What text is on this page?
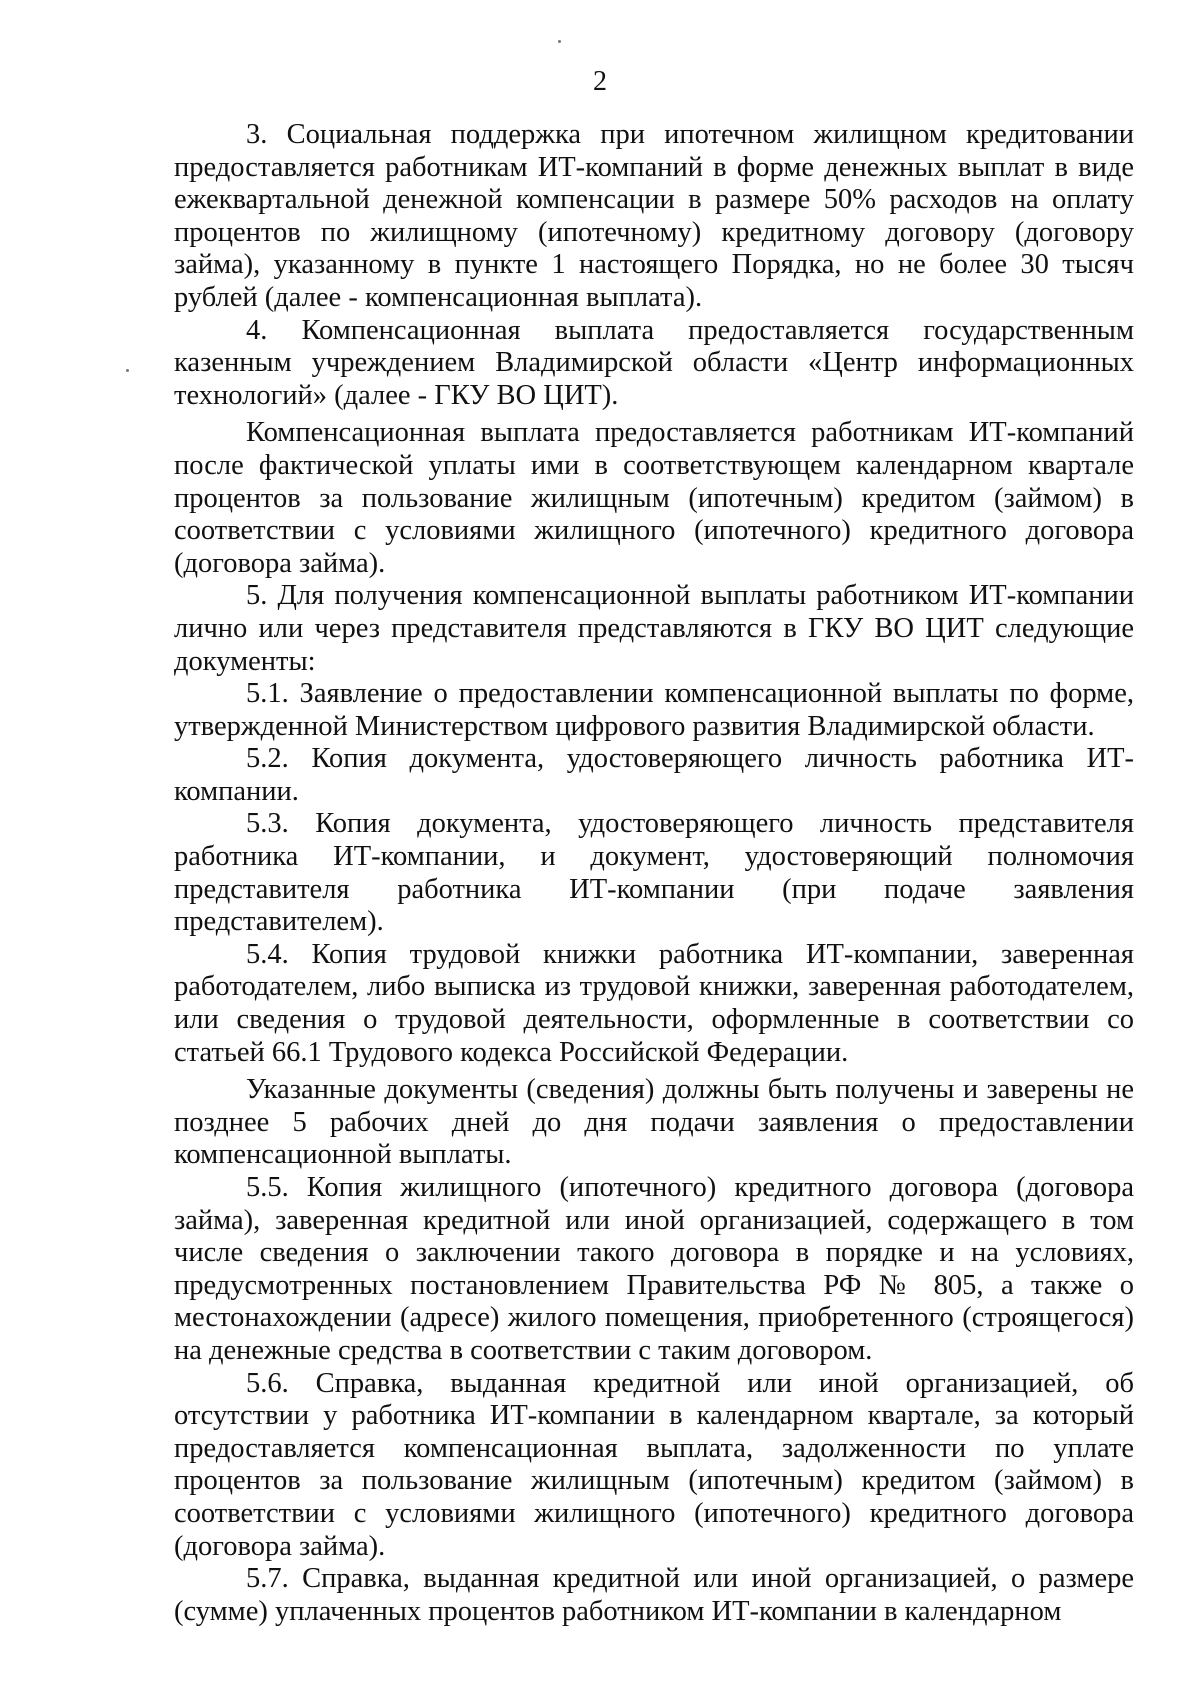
2

3. Социальная поддержка при ипотечном жилищном кредитовании предоставляется работникам ИТ-компаний в форме денежных выплат в виде ежеквартальной денежной компенсации в размере 50% расходов на оплату процентов по жилищному (ипотечному) кредитному договору (договору займа), указанному в пункте 1 настоящего Порядка, но не более 30 тысяч рублей (далее - компенсационная выплата).

4. Компенсационная выплата предоставляется государственным казенным учреждением Владимирской области «Центр информационных технологий» (далее - ГКУ ВО ЦИТ).

Компенсационная выплата предоставляется работникам ИТ-компаний после фактической уплаты ими в соответствующем календарном квартале процентов за пользование жилищным (ипотечным) кредитом (займом) в соответствии с условиями жилищного (ипотечного) кредитного договора (договора займа).

5. Для получения компенсационной выплаты работником ИТ-компании лично или через представителя представляются в ГКУ ВО ЦИТ следующие документы:

5.1. Заявление о предоставлении компенсационной выплаты по форме, утвержденной Министерством цифрового развития Владимирской области.

5.2. Копия документа, удостоверяющего личность работника ИТ-компании.

5.3. Копия документа, удостоверяющего личность представителя работника ИТ-компании, и документ, удостоверяющий полномочия представителя работника ИТ-компании (при подаче заявления представителем).

5.4. Копия трудовой книжки работника ИТ-компании, заверенная работодателем, либо выписка из трудовой книжки, заверенная работодателем, или сведения о трудовой деятельности, оформленные в соответствии со статьей 66.1 Трудового кодекса Российской Федерации.

Указанные документы (сведения) должны быть получены и заверены не позднее 5 рабочих дней до дня подачи заявления о предоставлении компенсационной выплаты.

5.5. Копия жилищного (ипотечного) кредитного договора (договора займа), заверенная кредитной или иной организацией, содержащего в том числе сведения о заключении такого договора в порядке и на условиях, предусмотренных постановлением Правительства РФ № 805, а также о местонахождении (адресе) жилого помещения, приобретенного (строящегося) на денежные средства в соответствии с таким договором.

5.6. Справка, выданная кредитной или иной организацией, об отсутствии у работника ИТ-компании в календарном квартале, за который предоставляется компенсационная выплата, задолженности по уплате процентов за пользование жилищным (ипотечным) кредитом (займом) в соответствии с условиями жилищного (ипотечного) кредитного договора (договора займа).

5.7. Справка, выданная кредитной или иной организацией, о размере (сумме) уплаченных процентов работником ИТ-компании в календарном
